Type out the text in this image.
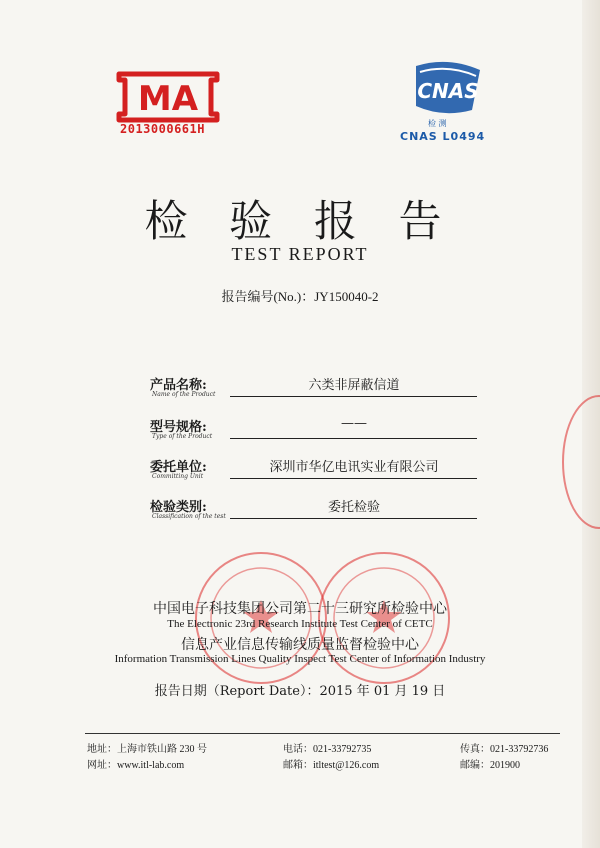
MA
2013000661H
CNAS
检 测
CNAS L0494
检 验 报 告
TEST REPORT
报告编号(No.)：JY150040-2
产品名称:
Name of the Product
六类非屏蔽信道
型号规格:
Type of the Product
——
委托单位:
Committing Unit
深圳市华亿电讯实业有限公司
检验类别:
Classification of the test
委托检验
中国电子科技集团公司第二十三研究所检验中心
The Electronic 23rd Research Institute Test Center of CETC
信息产业信息传输线质量监督检验中心
Information Transmission Lines Quality Inspect Test Center of Information Industry
报告日期（Report Date）：2015 年 01 月 19 日
地址：上海市铁山路 230 号
网址：www.itl-lab.com
电话：021-33792735
邮箱：itltest@126.com
传真：021-33792736
邮编：201900
